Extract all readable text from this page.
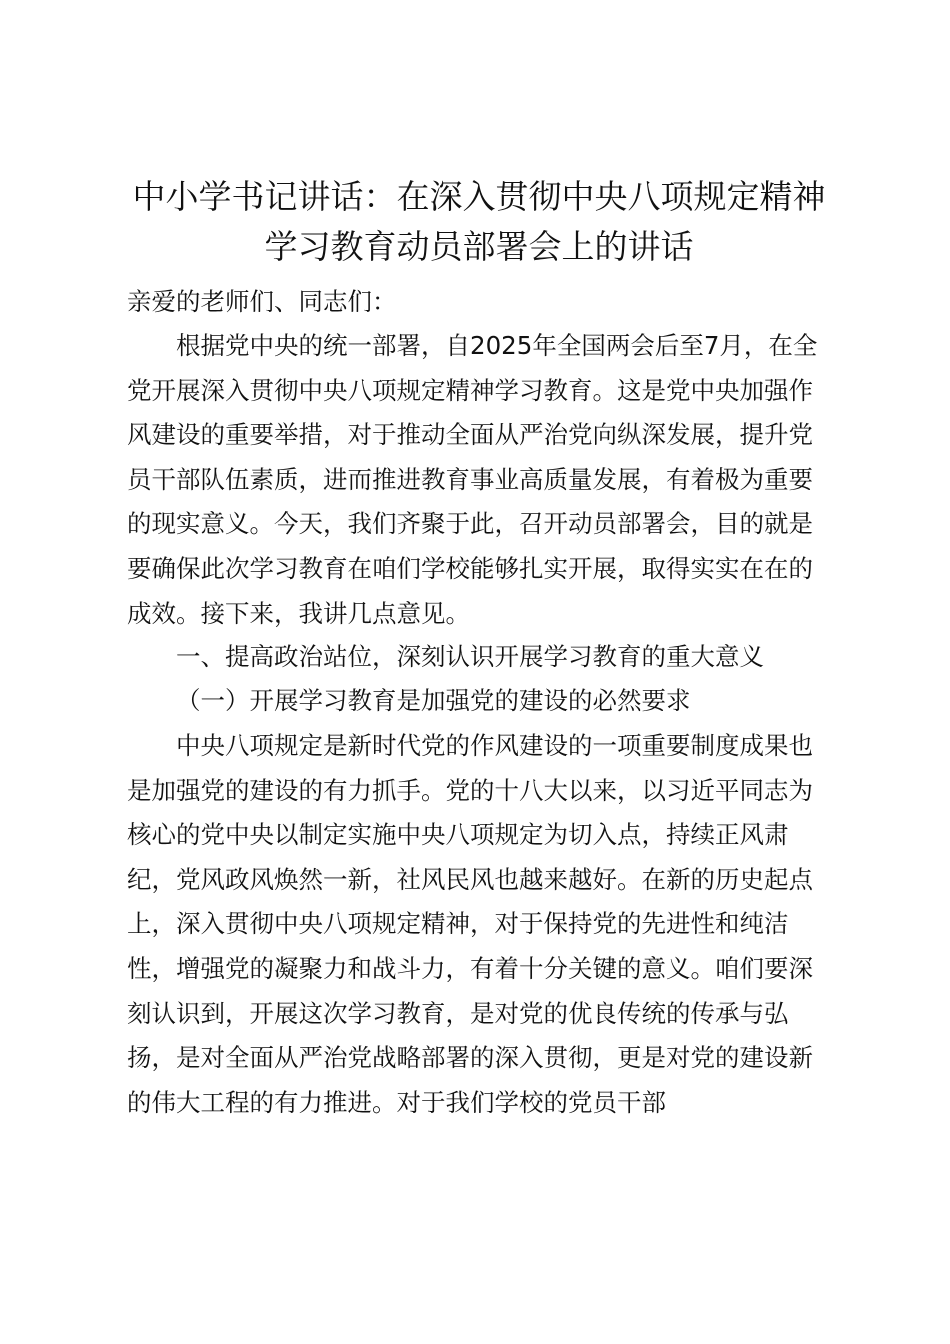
中小学书记讲话：在深入贯彻中央八项规定精神学习教育动员部署会上的讲话

亲爱的老师们、同志们：

根据党中央的统一部署，自2025年全国两会后至7月，在全党开展深入贯彻中央八项规定精神学习教育。这是党中央加强作风建设的重要举措，对于推动全面从严治党向纵深发展，提升党员干部队伍素质，进而推进教育事业高质量发展，有着极为重要的现实意义。今天，我们齐聚于此，召开动员部署会，目的就是要确保此次学习教育在咱们学校能够扎实开展，取得实实在在的成效。接下来，我讲几点意见。

一、提高政治站位，深刻认识开展学习教育的重大意义

（一）开展学习教育是加强党的建设的必然要求

中央八项规定是新时代党的作风建设的一项重要制度成果也是加强党的建设的有力抓手。党的十八大以来，以习近平同志为核心的党中央以制定实施中央八项规定为切入点，持续正风肃纪，党风政风焕然一新，社风民风也越来越好。在新的历史起点上，深入贯彻中央八项规定精神，对于保持党的先进性和纯洁性，增强党的凝聚力和战斗力，有着十分关键的意义。咱们要深刻认识到，开展这次学习教育，是对党的优良传统的传承与弘扬，是对全面从严治党战略部署的深入贯彻，更是对党的建设新的伟大工程的有力推进。对于我们学校的党员干部
